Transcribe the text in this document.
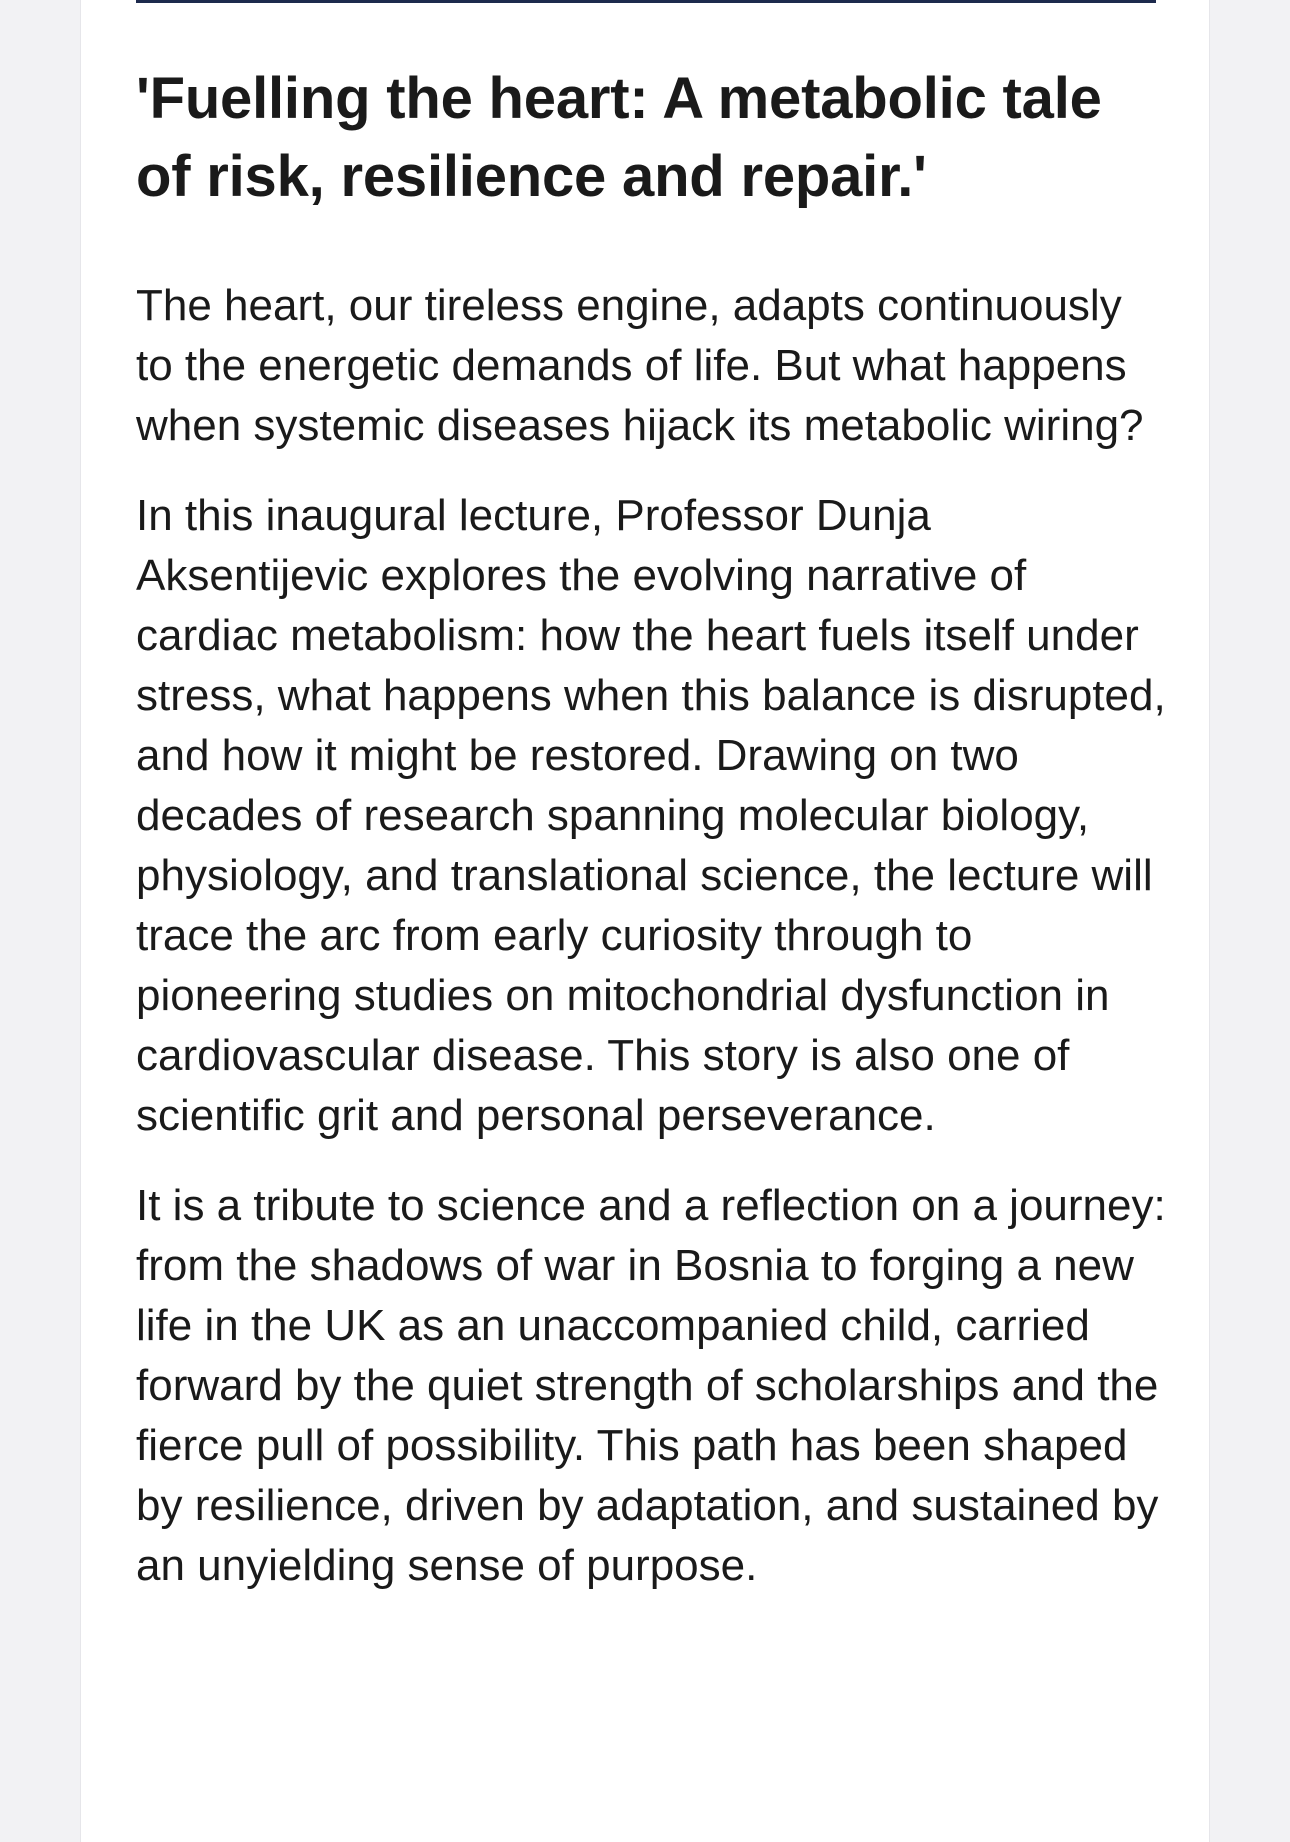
'Fuelling the heart: A metabolic tale of risk, resilience and repair.'

The heart, our tireless engine, adapts continuously to the energetic demands of life. But what happens when systemic diseases hijack its metabolic wiring?

In this inaugural lecture, Professor Dunja Aksentijevic explores the evolving narrative of cardiac metabolism: how the heart fuels itself under stress, what happens when this balance is disrupted, and how it might be restored. Drawing on two decades of research spanning molecular biology, physiology, and translational science, the lecture will trace the arc from early curiosity through to pioneering studies on mitochondrial dysfunction in cardiovascular disease. This story is also one of scientific grit and personal perseverance.

It is a tribute to science and a reflection on a journey: from the shadows of war in Bosnia to forging a new life in the UK as an unaccompanied child, carried forward by the quiet strength of scholarships and the fierce pull of possibility. This path has been shaped by resilience, driven by adaptation, and sustained by an unyielding sense of purpose.
